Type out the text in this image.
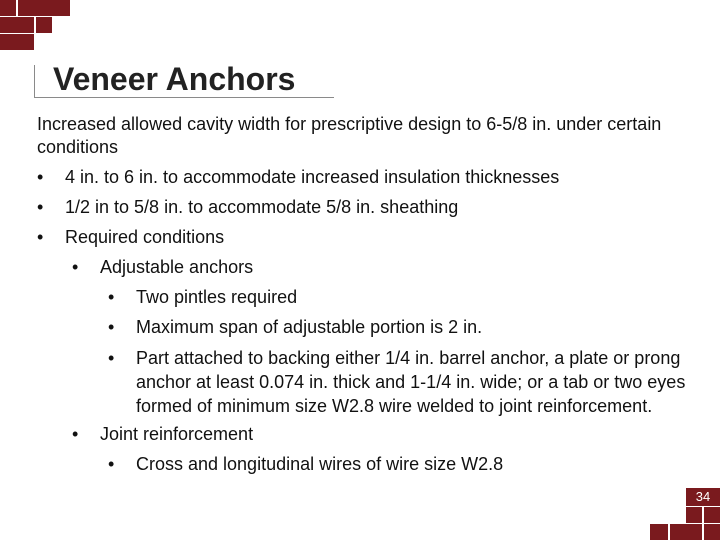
Veneer Anchors

Increased allowed cavity width for prescriptive design to 6-5/8 in. under certain conditions

• 4 in. to 6 in. to accommodate increased insulation thicknesses
• 1/2 in to 5/8 in. to accommodate 5/8 in. sheathing
• Required conditions
• Adjustable anchors
• Two pintles required
• Maximum span of adjustable portion is 2 in.
• Part attached to backing either 1/4 in. barrel anchor, a plate or prong anchor at least 0.074 in. thick and 1-1/4 in. wide; or a tab or two eyes formed of minimum size W2.8 wire welded to joint reinforcement.
• Joint reinforcement
• Cross and longitudinal wires of wire size W2.8
34
